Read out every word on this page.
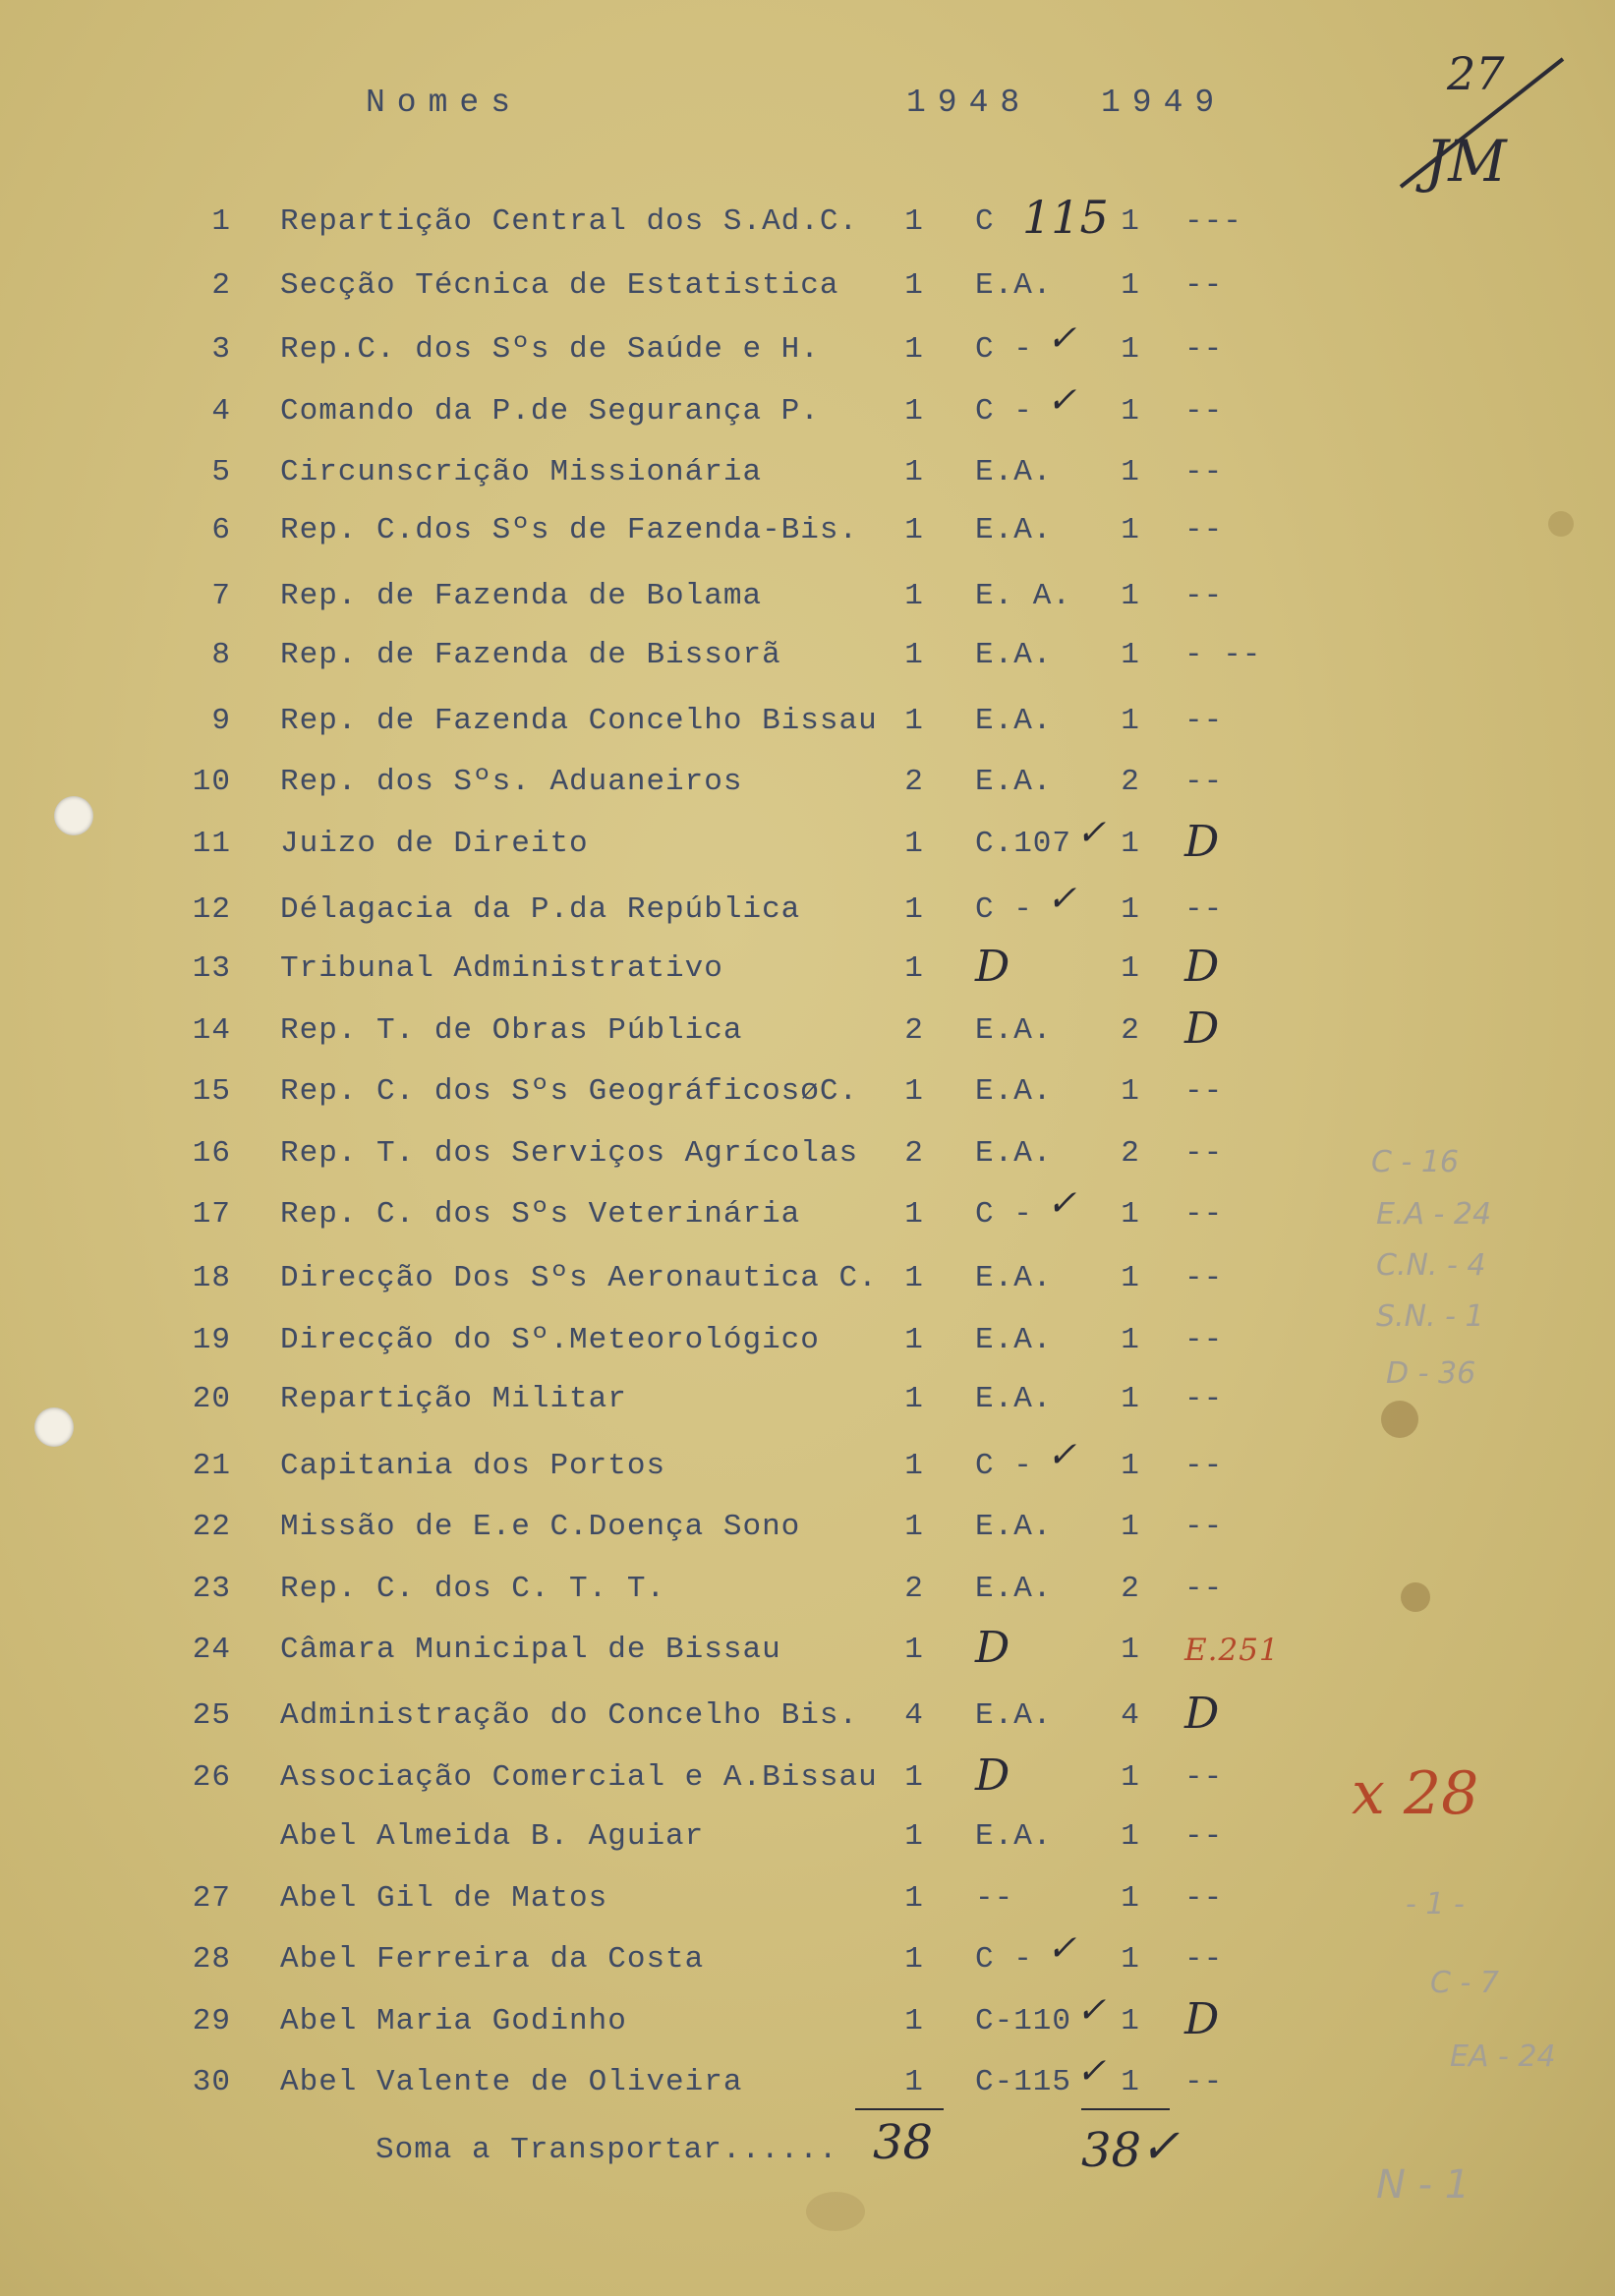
Nomes	1948 1949
27
JM
1 Repartição Central dos S.Ad.C.	1	C	1	---
115
2 Secção Técnica de Estatistica	1	E.A.	1	--
3 Rep.C. dos Sºs de Saúde e H.	1	C -	1	--
✓
4 Comando da P.de Segurança P.	1	C -	1	--
✓
5 Circunscrição Missionária	1	E.A.	1	--
6 Rep. C.dos Sºs de Fazenda-Bis.	1	E.A.	1	--
7 Rep. de Fazenda de Bolama	1	E. A.	1	--
8 Rep. de Fazenda de Bissorã	1	E.A.	1	- --
9 Rep. de Fazenda Concelho Bissau 1	E.A.	1	--
10 Rep. dos Sºs. Aduaneiros	2	E.A.	2	--
11 Juizo de Direito	1	C.107	1 D
✓
12 Délagacia da P.da República	1	C -	1	--
✓
13 Tribunal Administrativo	1 D	1 D
14 Rep. T. de Obras Pública	2	E.A.	2 D
15 Rep. C. dos Sºs GeográficosøC.	1	E.A.	1	--
16 Rep. T. dos Serviços Agrícolas	2	E.A.	2	--
17 Rep. C. dos Sºs Veterinária	1	C -	1	--
✓
18 Direcção Dos Sºs Aeronautica C. 1	E.A.	1	--
19 Direcção do Sº.Meteorológico	1	E.A.	1	--
20 Repartição Militar	1	E.A.	1	--
21 Capitania dos Portos	1	C -	1	--
✓
22 Missão de E.e C.Doença Sono	1	E.A.	1	--
23 Rep. C. dos C. T. T.	2	E.A.	2	--
24 Câmara Municipal de Bissau	1 D	1	E.251
25 Administração do Concelho Bis.	4	E.A.	4 D
26 Associação Comercial e A.Bissau 1 D	1	--
Abel Almeida B. Aguiar	1	E.A.	1	--
27 Abel Gil de Matos	1	--	1	--
28 Abel Ferreira da Costa	1	C -	1	--
✓
29 Abel Maria Godinho	1	C-110	1 D
✓
30 Abel Valente de Oliveira	1	C-115	1	--
✓
Soma a Transportar...... 38	38
✓
x 28
C - 16
E.A - 24
C.N. - 4
S.N. - 1
D - 36
- 1 -
C - 7
EA - 24
N - 1
